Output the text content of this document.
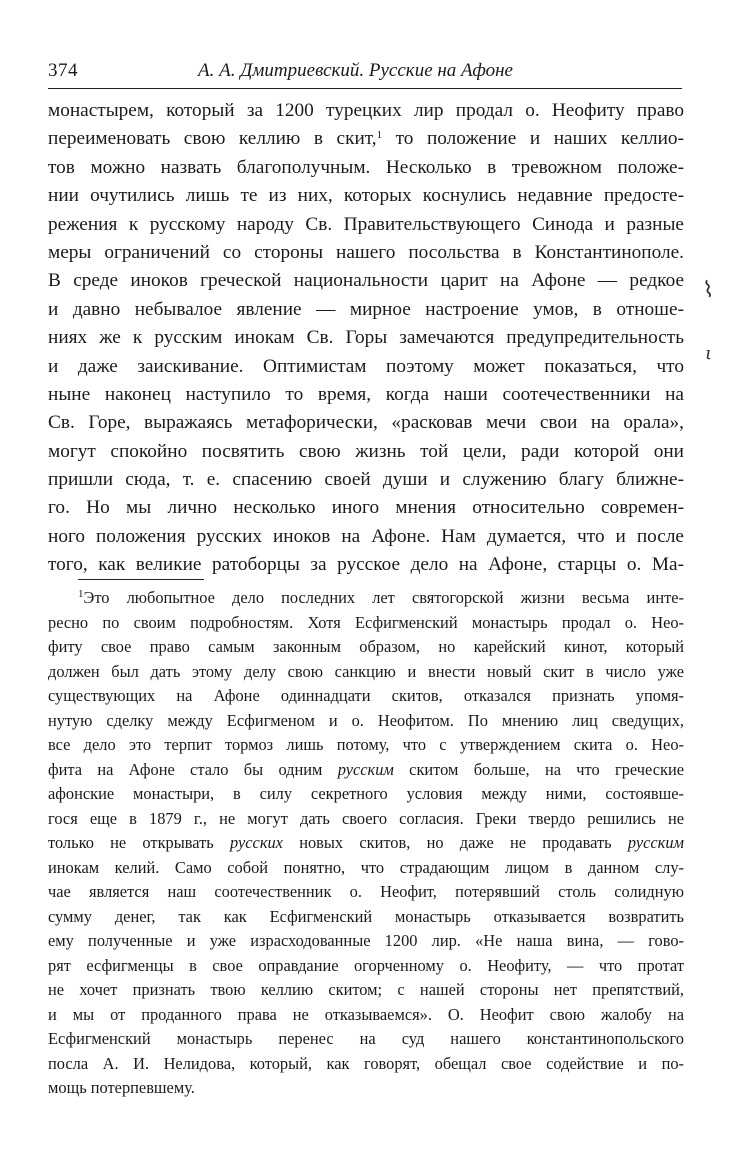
374	А. А. Дмитриевский. Русские на Афоне
монастырем, который за 1200 турецких лир продал о. Неофиту право
переименовать свою келлию в скит,$^1$ то положение и наших келлио-
тов можно назвать благополучным. Несколько в тревожном положе-
нии очутились лишь те из них, которых коснулись недавние предосте-
режения к русскому народу Св. Правительствующего Синода и разные
меры ограничений со стороны нашего посольства в Константинополе.
В среде иноков греческой национальности царит на Афоне — редкое
и давно небывалое явление — мирное настроение умов, в отноше-
ниях же к русским инокам Св. Горы замечаются предупредительность
и даже заискивание. Оптимистам поэтому может показаться, что
ныне наконец наступило то время, когда наши соотечественники на
Св. Горе, выражаясь метафорически, «расковав мечи свои на орала»,
могут спокойно посвятить свою жизнь той цели, ради которой они
пришли сюда, т. е. спасению своей души и служению благу ближне-
го. Но мы лично несколько иного мнения относительно современ-
ного положения русских иноков на Афоне. Нам думается, что и после
того, как великие ратоборцы за русское дело на Афоне, старцы о. Ма-
⌇
ι
$^1$Это любопытное дело последних лет святогорской жизни весьма инте-
ресно по своим подробностям. Хотя Есфигменский монастырь продал о. Нео-
фиту свое право самым законным образом, но карейский кинот, который
должен был дать этому делу свою санкцию и внести новый скит в число уже
существующих на Афоне одиннадцати скитов, отказался признать упомя-
нутую сделку между Есфигменом и о. Неофитом. По мнению лиц сведущих,
все дело это терпит тормоз лишь потому, что с утверждением скита о. Нео-
фита на Афоне стало бы одним русским скитом больше, на что греческие
афонские монастыри, в силу секретного условия между ними, состоявше-
гося еще в 1879 г., не могут дать своего согласия. Греки твердо решились не
только не открывать русских новых скитов, но даже не продавать русским
инокам келий. Само собой понятно, что страдающим лицом в данном слу-
чае является наш соотечественник о. Неофит, потерявший столь солидную
сумму денег, так как Есфигменский монастырь отказывается возвратить
ему полученные и уже израсходованные 1200 лир. «Не наша вина, — гово-
рят есфигменцы в свое оправдание огорченному о. Неофиту, — что протат
не хочет признать твою келлию скитом; с нашей стороны нет препятствий,
и мы от проданного права не отказываемся». О. Неофит свою жалобу на
Есфигменский монастырь перенес на суд нашего константинопольского
посла А. И. Нелидова, который, как говорят, обещал свое содействие и по-
мощь потерпевшему.
